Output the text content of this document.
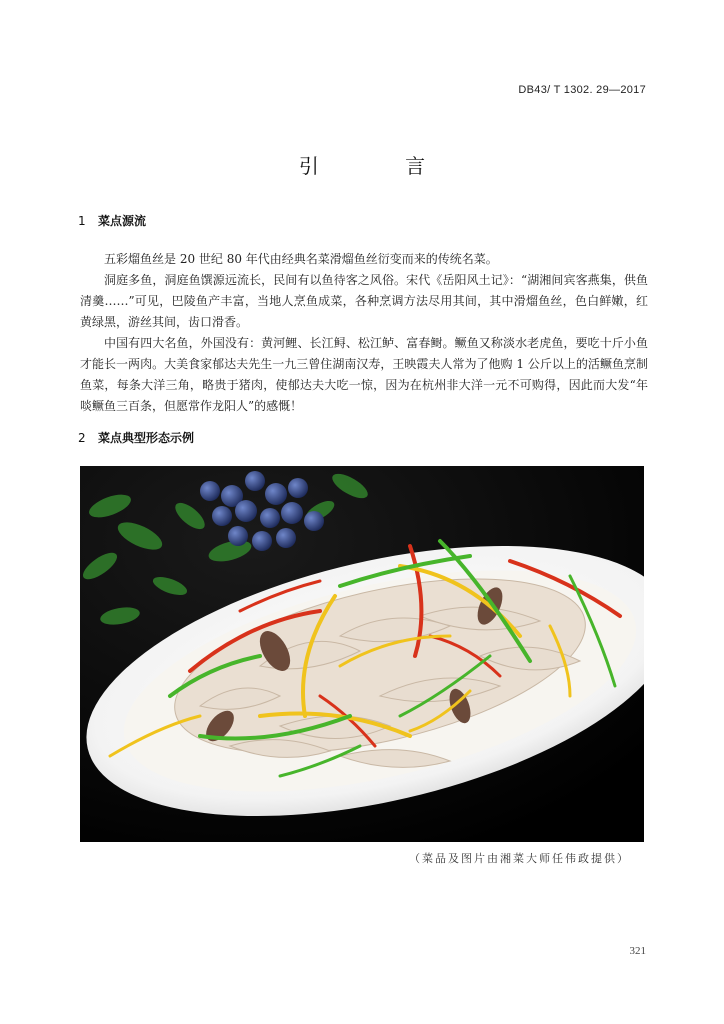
DB43/ T 1302. 29—2017
引 言
1 菜点源流

五彩熘鱼丝是 20 世纪 80 年代由经典名菜滑熘鱼丝衍变而来的传统名菜。

洞庭多鱼，洞庭鱼馔源远流长，民间有以鱼待客之风俗。宋代《岳阳风土记》：“湖湘间宾客燕集，供鱼清羹……”可见，巴陵鱼产丰富，当地人烹鱼成菜，各种烹调方法尽用其间，其中滑熘鱼丝，色白鲜嫩，红黄绿黑，游丝其间，齿口滑香。

中国有四大名鱼，外国没有：黄河鲤、长江鲟、松江鲈、富春鲥。鳜鱼又称淡水老虎鱼，要吃十斤小鱼才能长一两肉。大美食家郁达夫先生一九三曾住湖南汉寿，王映霞夫人常为了他购 1 公斤以上的活鳜鱼烹制鱼菜，每条大洋三角，略贵于猪肉，使郁达夫大吃一惊，因为在杭州非大洋一元不可购得，因此而大发“年啖鳜鱼三百条，但愿常作龙阳人”的感慨！

2 菜点典型形态示例
（菜品及图片由湘菜大师任伟政提供）
321
